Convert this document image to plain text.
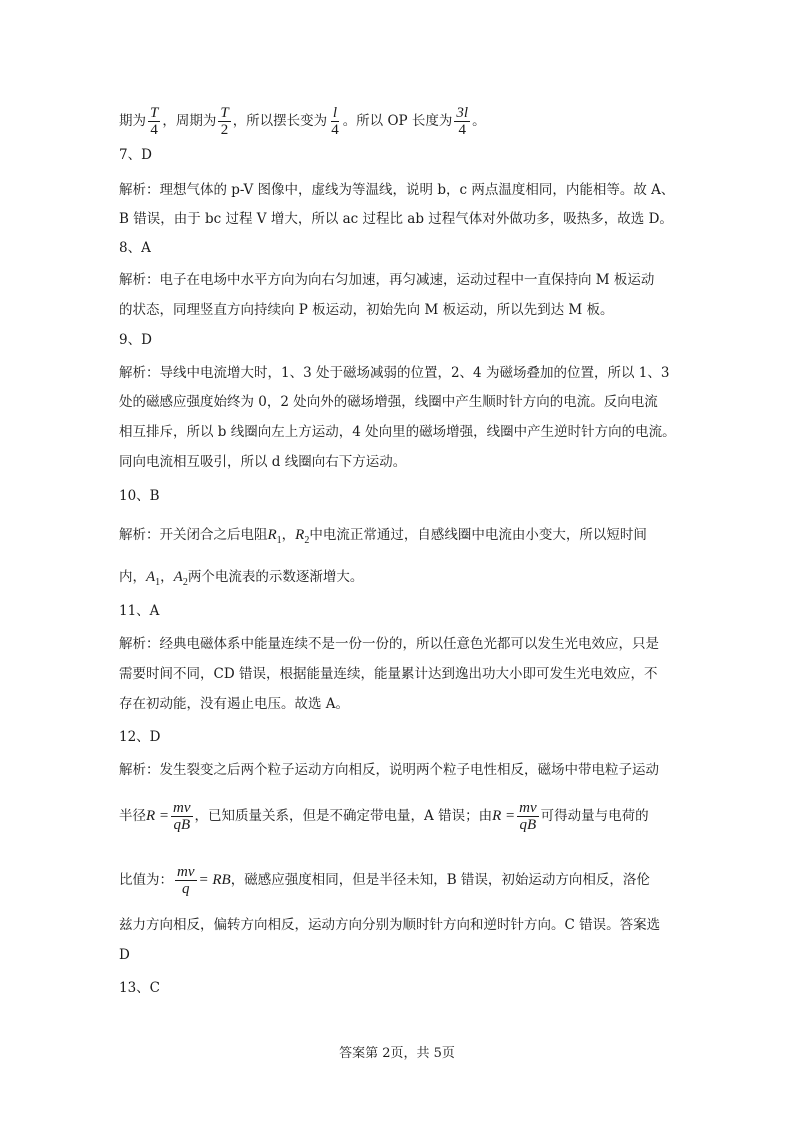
期为 $\frac{T}{4}$ ，周期为 $\frac{T}{2}$ ，所以摆长变为 $\frac{l}{4}$ 。所以 OP 长度为 $\frac{3l}{4}$ 。
7、D
解析：理想气体的 p-V 图像中，虚线为等温线，说明 b，c 两点温度相同，内能相等。故 A、
B 错误，由于 bc 过程 V 增大，所以 ac 过程比 ab 过程气体对外做功多，吸热多，故选 D。
8、A
解析：电子在电场中水平方向为向右匀加速，再匀减速，运动过程中一直保持向 M 板运动
的状态，同理竖直方向持续向 P 板运动，初始先向 M 板运动，所以先到达 M 板。
9、D
解析：导线中电流增大时，1、3 处于磁场减弱的位置，2、4 为磁场叠加的位置，所以 1、3
处的磁感应强度始终为 0，2 处向外的磁场增强，线圈中产生顺时针方向的电流。反向电流
相互排斥，所以 b 线圈向左上方运动，4 处向里的磁场增强，线圈中产生逆时针方向的电流。
同向电流相互吸引，所以 d 线圈向右下方运动。
10、B
解析：开关闭合之后电阻$R_1$，$R_2$中电流正常通过，自感线圈中电流由小变大，所以短时间
内，$A_1$，$A_2$两个电流表的示数逐渐增大。
11、A
解析：经典电磁体系中能量连续不是一份一份的，所以任意色光都可以发生光电效应，只是
需要时间不同，CD 错误，根据能量连续，能量累计达到逸出功大小即可发生光电效应，不
存在初动能，没有遏止电压。故选 A。
12、D
解析：发生裂变之后两个粒子运动方向相反，说明两个粒子电性相反，磁场中带电粒子运动
半径$R = \frac{mv}{qB}$ ，已知质量关系，但是不确定带电量，A 错误；由$R = \frac{mv}{qB}$ 可得动量与电荷的
比值为： $\frac{mv}{q}$ = RB，磁感应强度相同，但是半径未知，B 错误，初始运动方向相反，洛伦
兹力方向相反，偏转方向相反，运动方向分别为顺时针方向和逆时针方向。C 错误。答案选
D
13、C
答案第 2页，共 5页
